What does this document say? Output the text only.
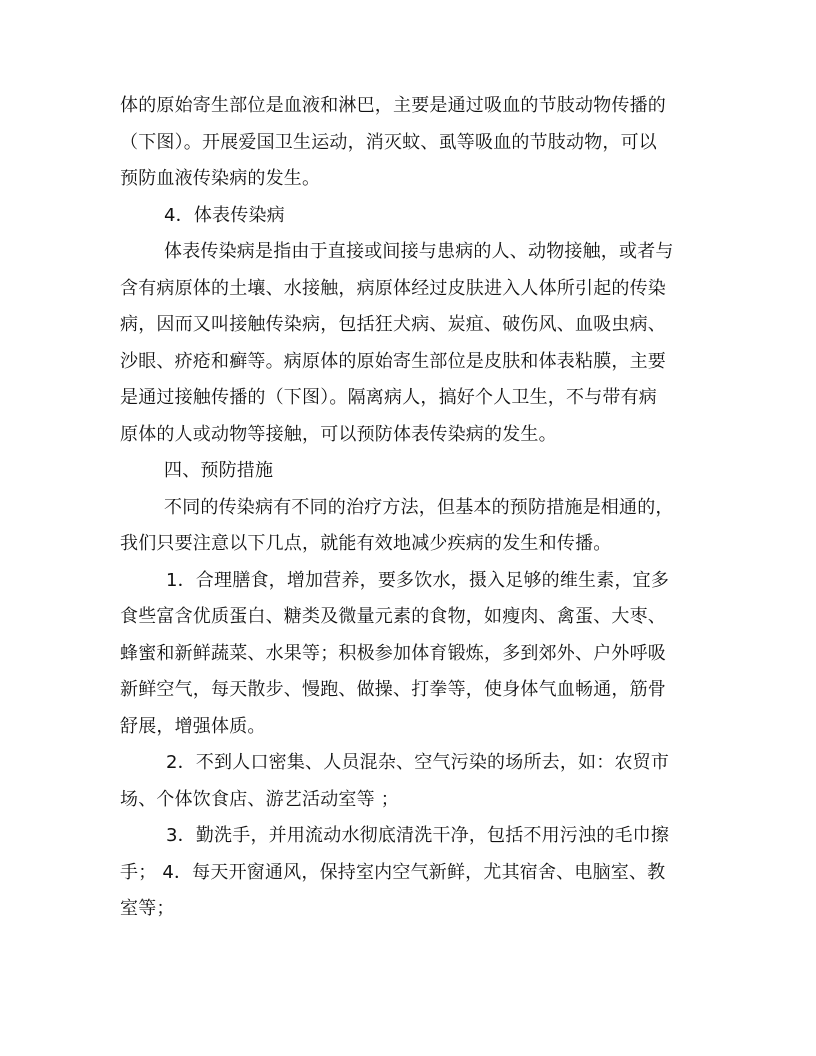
体的原始寄生部位是血液和淋巴，主要是通过吸血的节肢动物传播的
（下图）。开展爱国卫生运动，消灭蚊、虱等吸血的节肢动物，可以
预防血液传染病的发生。
4．体表传染病
体表传染病是指由于直接或间接与患病的人、动物接触，或者与
含有病原体的土壤、水接触，病原体经过皮肤进入人体所引起的传染
病，因而又叫接触传染病，包括狂犬病、炭疽、破伤风、血吸虫病、
沙眼、疥疮和癣等。病原体的原始寄生部位是皮肤和体表粘膜，主要
是通过接触传播的（下图）。隔离病人，搞好个人卫生，不与带有病
原体的人或动物等接触，可以预防体表传染病的发生。
四、预防措施
不同的传染病有不同的治疗方法，但基本的预防措施是相通的，
我们只要注意以下几点，就能有效地减少疾病的发生和传播。
1．合理膳食，增加营养，要多饮水，摄入足够的维生素，宜多
食些富含优质蛋白、糖类及微量元素的食物，如瘦肉、禽蛋、大枣、
蜂蜜和新鲜蔬菜、水果等；积极参加体育锻炼，多到郊外、户外呼吸
新鲜空气，每天散步、慢跑、做操、打拳等，使身体气血畅通，筋骨
舒展，增强体质。
2．不到人口密集、人员混杂、空气污染的场所去，如：农贸市
场、个体饮食店、游艺活动室等 ；
3．勤洗手，并用流动水彻底清洗干净，包括不用污浊的毛巾擦
手； 4．每天开窗通风，保持室内空气新鲜，尤其宿舍、电脑室、教
室等；
